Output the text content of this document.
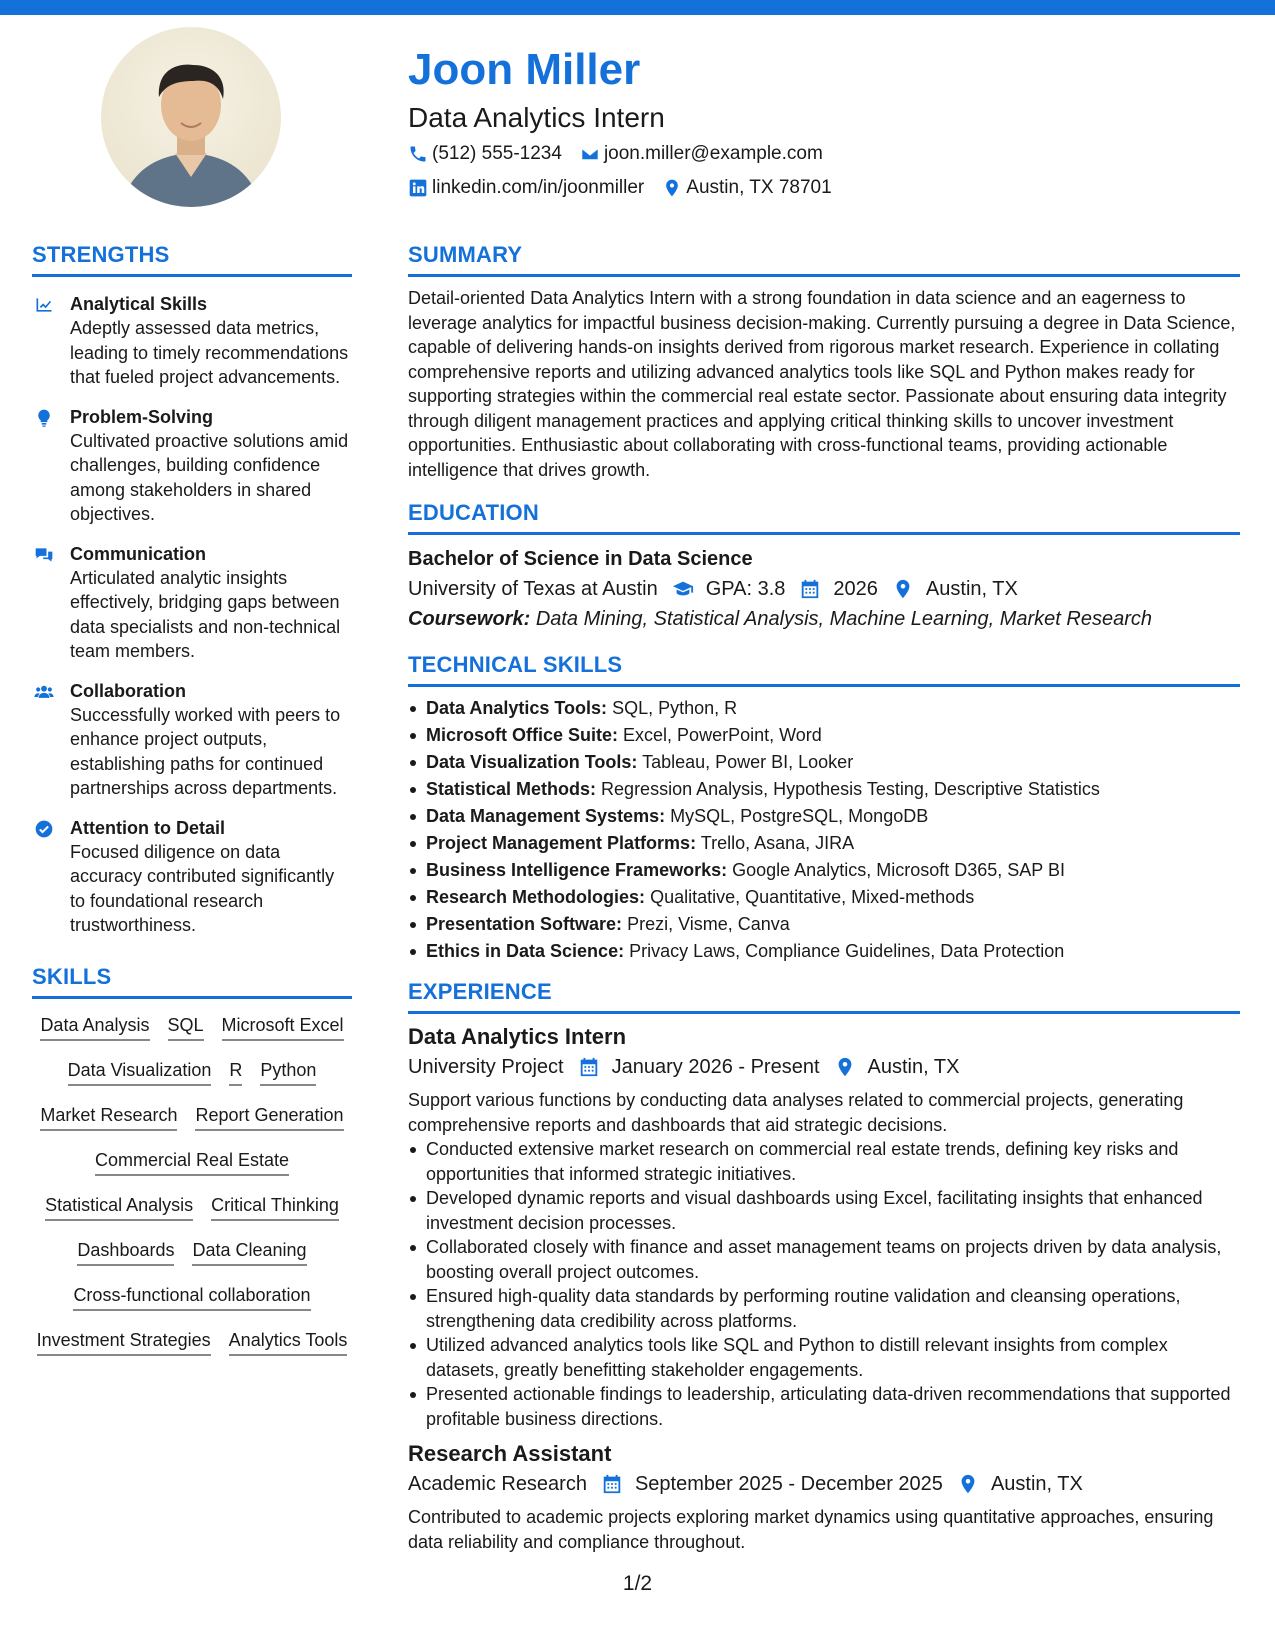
Joon Miller
Data Analytics Intern
(512) 555-1234 joon.miller@example.com
linkedin.com/in/joonmiller Austin, TX 78701
STRENGTHS
Analytical Skills
Adeptly assessed data metrics, leading to timely recommendations that fueled project advancements.
Problem-Solving
Cultivated proactive solutions amid challenges, building confidence among stakeholders in shared objectives.
Communication
Articulated analytic insights effectively, bridging gaps between data specialists and non-technical team members.
Collaboration
Successfully worked with peers to enhance project outputs, establishing paths for continued partnerships across departments.
Attention to Detail
Focused diligence on data accuracy contributed significantly to foundational research trustworthiness.
SKILLS
Data Analysis SQL Microsoft Excel
Data Visualization R Python
Market Research Report Generation
Commercial Real Estate
Statistical Analysis Critical Thinking
Dashboards Data Cleaning
Cross-functional collaboration
Investment Strategies Analytics Tools
SUMMARY
Detail-oriented Data Analytics Intern with a strong foundation in data science and an eagerness to leverage analytics for impactful business decision-making. Currently pursuing a degree in Data Science, capable of delivering hands-on insights derived from rigorous market research. Experience in collating comprehensive reports and utilizing advanced analytics tools like SQL and Python makes ready for supporting strategies within the commercial real estate sector. Passionate about ensuring data integrity through diligent management practices and applying critical thinking skills to uncover investment opportunities. Enthusiastic about collaborating with cross-functional teams, providing actionable intelligence that drives growth.
EDUCATION
Bachelor of Science in Data Science
University of Texas at Austin GPA: 3.8 2026 Austin, TX
Coursework: Data Mining, Statistical Analysis, Machine Learning, Market Research
TECHNICAL SKILLS
Data Analytics Tools: SQL, Python, R
Microsoft Office Suite: Excel, PowerPoint, Word
Data Visualization Tools: Tableau, Power BI, Looker
Statistical Methods: Regression Analysis, Hypothesis Testing, Descriptive Statistics
Data Management Systems: MySQL, PostgreSQL, MongoDB
Project Management Platforms: Trello, Asana, JIRA
Business Intelligence Frameworks: Google Analytics, Microsoft D365, SAP BI
Research Methodologies: Qualitative, Quantitative, Mixed-methods
Presentation Software: Prezi, Visme, Canva
Ethics in Data Science: Privacy Laws, Compliance Guidelines, Data Protection
EXPERIENCE
Data Analytics Intern
University Project January 2026 - Present Austin, TX
Support various functions by conducting data analyses related to commercial projects, generating comprehensive reports and dashboards that aid strategic decisions.
Conducted extensive market research on commercial real estate trends, defining key risks and opportunities that informed strategic initiatives.
Developed dynamic reports and visual dashboards using Excel, facilitating insights that enhanced investment decision processes.
Collaborated closely with finance and asset management teams on projects driven by data analysis, boosting overall project outcomes.
Ensured high-quality data standards by performing routine validation and cleansing operations, strengthening data credibility across platforms.
Utilized advanced analytics tools like SQL and Python to distill relevant insights from complex datasets, greatly benefitting stakeholder engagements.
Presented actionable findings to leadership, articulating data-driven recommendations that supported profitable business directions.
Research Assistant
Academic Research September 2025 - December 2025 Austin, TX
Contributed to academic projects exploring market dynamics using quantitative approaches, ensuring data reliability and compliance throughout.
1/2
